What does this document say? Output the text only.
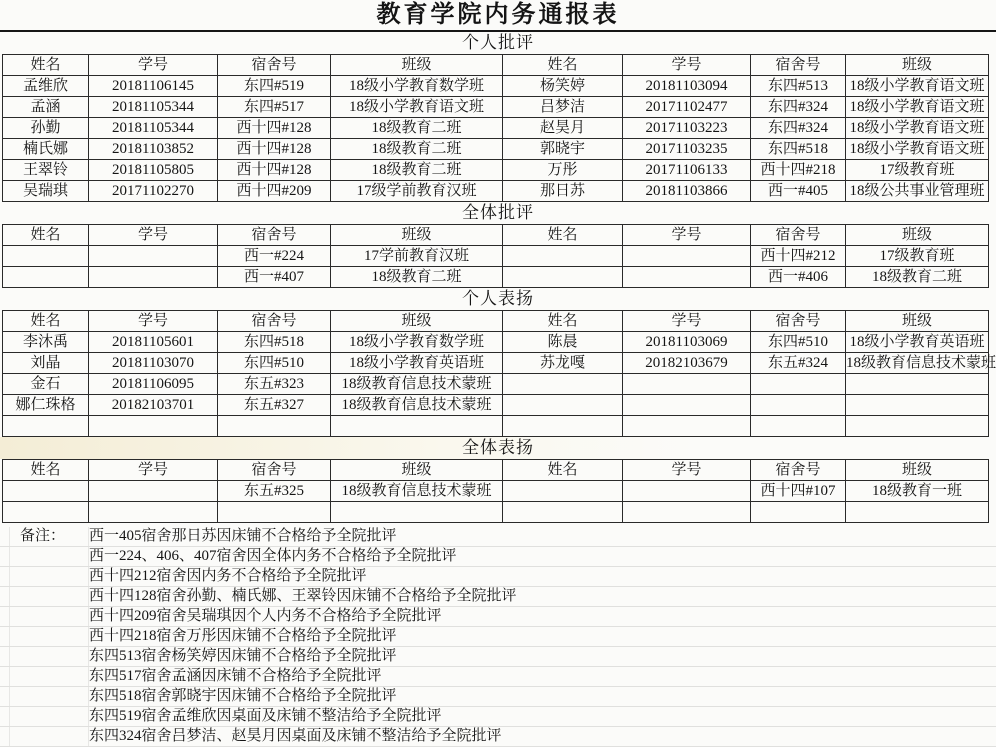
教育学院内务通报表
个人批评
姓名	学号	宿舍号	班级	姓名	学号	宿舍号	班级
孟维欣	20181106145	东四#519	18级小学教育数学班	杨笑婷	20181103094	东四#513	18级小学教育语文班
孟涵	20181105344	东四#517	18级小学教育语文班	吕梦洁	20171102477	东四#324	18级小学教育语文班
孙勤	20181105344	西十四#128	18级教育二班	赵昊月	20171103223	东四#324	18级小学教育语文班
楠氏娜	20181103852	西十四#128	18级教育二班	郭晓宇	20171103235	东四#518	18级小学教育语文班
王翠铃	20181105805	西十四#128	18级教育二班	万彤	20171106133	西十四#218	17级教育班
吴瑞琪	20171102270	西十四#209	17级学前教育汉班	那日苏	20181103866	西一#405	18级公共事业管理班
全体批评
姓名	学号	宿舍号	班级	姓名	学号	宿舍号	班级
		西一#224	17学前教育汉班			西十四#212	17级教育班
		西一#407	18级教育二班			西一#406	18级教育二班
个人表扬
姓名	学号	宿舍号	班级	姓名	学号	宿舍号	班级
李沐禹	20181105601	东四#518	18级小学教育数学班	陈晨	20181103069	东四#510	18级小学教育英语班
刘晶	20181103070	东四#510	18级小学教育英语班	苏龙嘎	20182103679	东五#324	18级教育信息技术蒙班
金石	20181106095	东五#323	18级教育信息技术蒙班				
娜仁珠格	20182103701	东五#327	18级教育信息技术蒙班				

全体表扬
姓名	学号	宿舍号	班级	姓名	学号	宿舍号	班级
		东五#325	18级教育信息技术蒙班			西十四#107	18级教育一班

备注： 西一405宿舍那日苏因床铺不合格给予全院批评
西一224、406、407宿舍因全体内务不合格给予全院批评
西十四212宿舍因内务不合格给予全院批评
西十四128宿舍孙勤、楠氏娜、王翠铃因床铺不合格给予全院批评
西十四209宿舍吴瑞琪因个人内务不合格给予全院批评
西十四218宿舍万彤因床铺不合格给予全院批评
东四513宿舍杨笑婷因床铺不合格给予全院批评
东四517宿舍孟涵因床铺不合格给予全院批评
东四518宿舍郭晓宇因床铺不合格给予全院批评
东四519宿舍孟维欣因桌面及床铺不整洁给予全院批评
东四324宿舍吕梦洁、赵昊月因桌面及床铺不整洁给予全院批评
